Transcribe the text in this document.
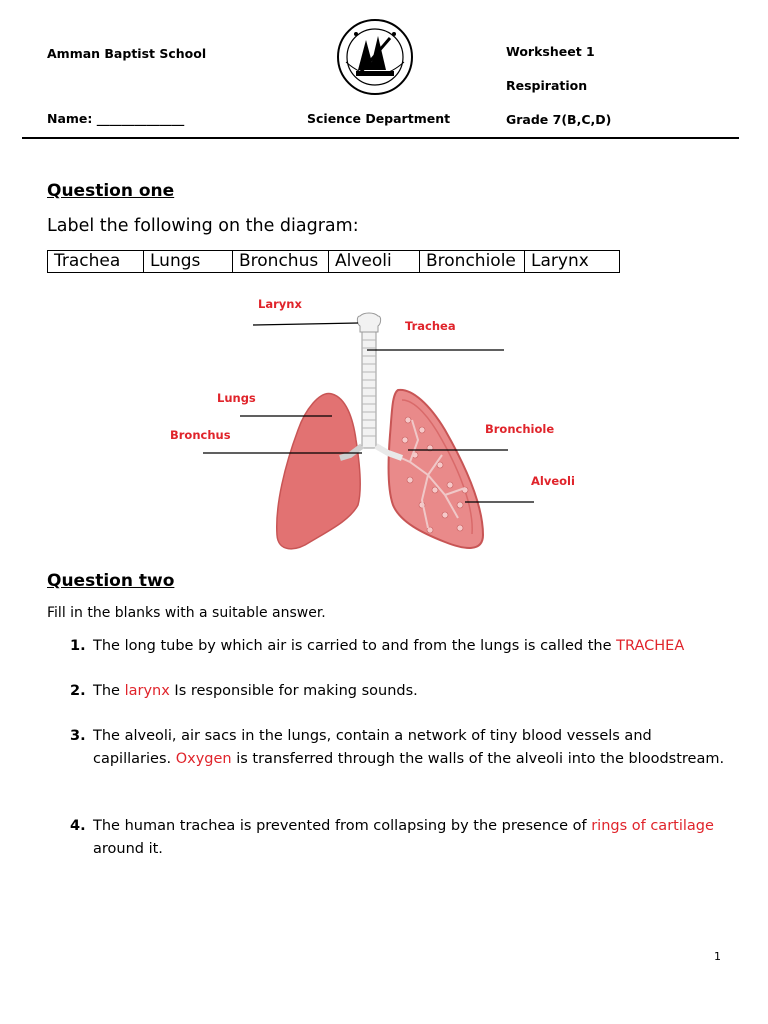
Amman Baptist School
Name: ______________	Science Department
Worksheet 1
Respiration
Grade 7(B,C,D)
Question one
Label the following on the diagram:
Trachea	Lungs	Bronchus	Alveoli	Bronchiole	Larynx
Larynx
Trachea
Lungs
Bronchus	Bronchiole
Alveoli
Question two
Fill in the blanks with a suitable answer.
1. The long tube by which air is carried to and from the lungs is called the TRACHEA
2. The larynx Is responsible for making sounds.
3. The alveoli, air sacs in the lungs, contain a network of tiny blood vessels and capillaries. Oxygen is transferred through the walls of the alveoli into the bloodstream.
4. The human trachea is prevented from collapsing by the presence of rings of cartilage around it.
1
